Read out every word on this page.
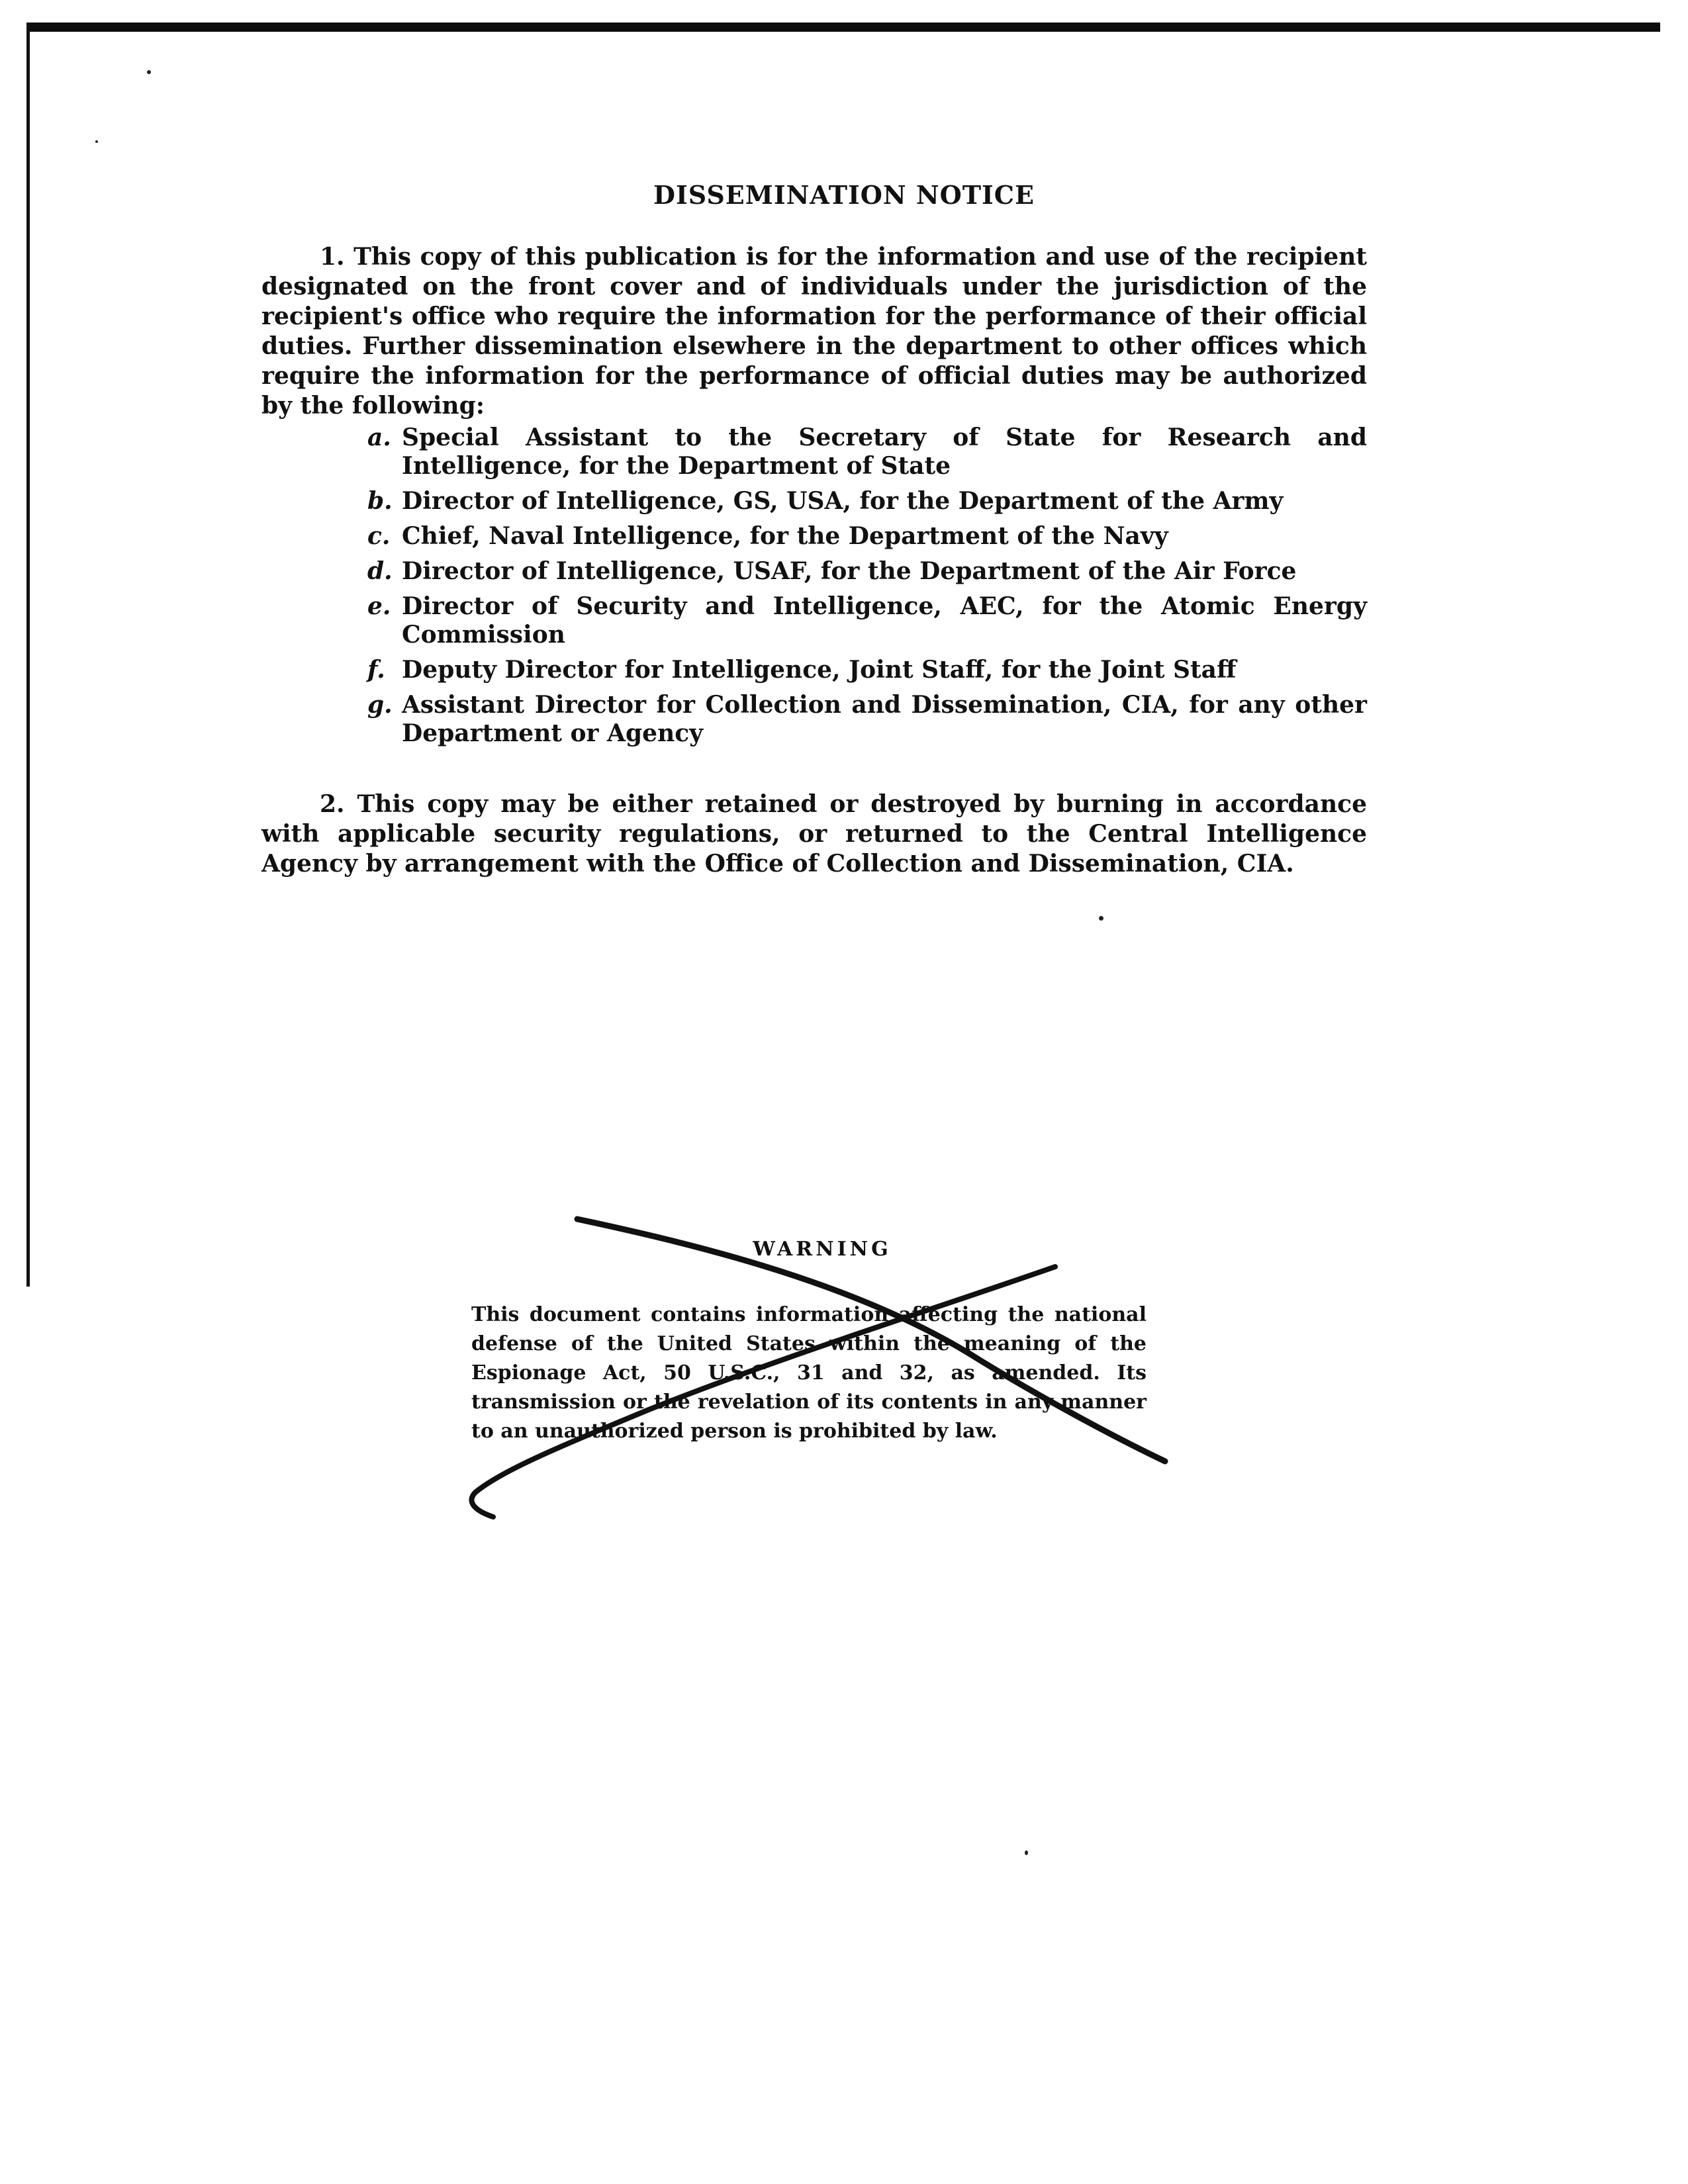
DISSEMINATION NOTICE
1. This copy of this publication is for the information and use of the recipient designated on the front cover and of individuals under the jurisdiction of the recipient's office who require the information for the performance of their official duties. Further dissemination elsewhere in the department to other offices which require the information for the performance of official duties may be authorized by the following:
a. Special Assistant to the Secretary of State for Research and Intelligence, for the Department of State
b. Director of Intelligence, GS, USA, for the Department of the Army
c. Chief, Naval Intelligence, for the Department of the Navy
d. Director of Intelligence, USAF, for the Department of the Air Force
e. Director of Security and Intelligence, AEC, for the Atomic Energy Commission
f. Deputy Director for Intelligence, Joint Staff, for the Joint Staff
g. Assistant Director for Collection and Dissemination, CIA, for any other Department or Agency
2. This copy may be either retained or destroyed by burning in accordance with applicable security regulations, or returned to the Central Intelligence Agency by arrangement with the Office of Collection and Dissemination, CIA.
WARNING
This document contains information affecting the national defense of the United States within the meaning of the Espionage Act, 50 U.S.C., 31 and 32, as amended. Its transmission or the revelation of its contents in any manner to an unauthorized person is prohibited by law.
